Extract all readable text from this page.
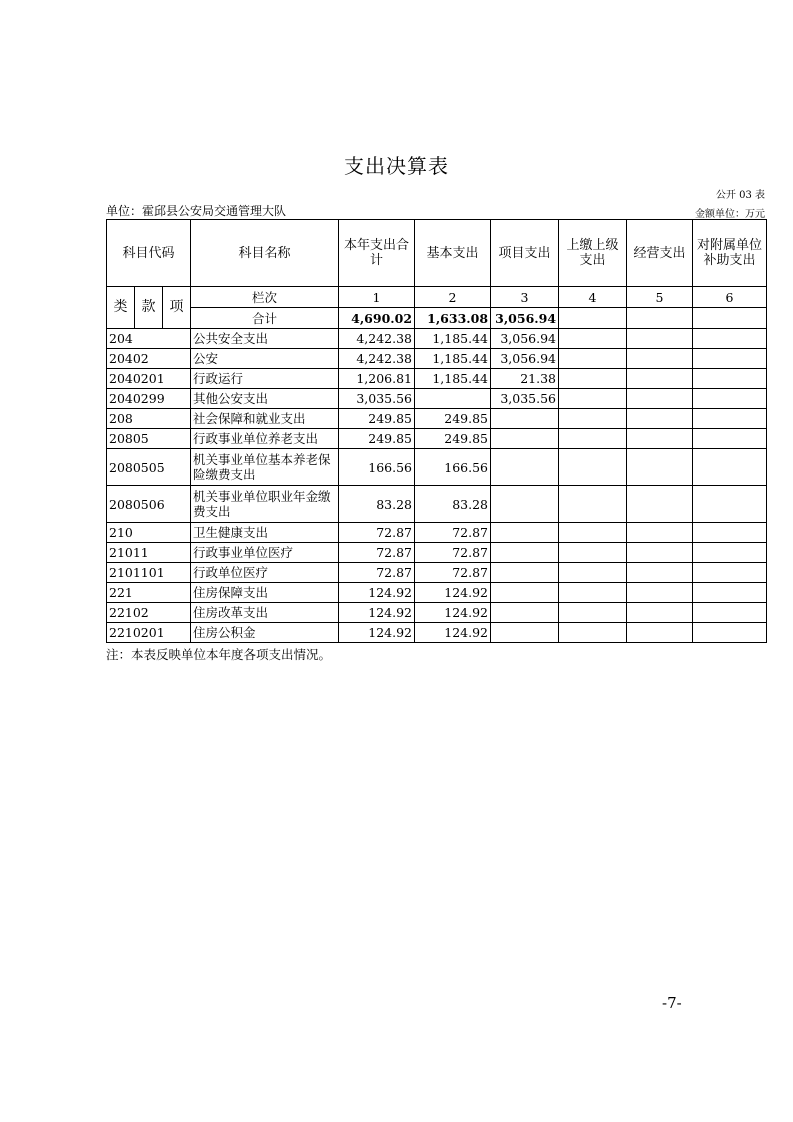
支出决算表
公开 03 表
单位：霍邱县公安局交通管理大队	金额单位：万元
科目代码			科目名称	本年支出合计	基本支出	项目支出	上缴上级支出	经营支出	对附属单位补助支出
类	款	项	栏次	1	2	3	4	5	6
			合计	4,690.02	1,633.08	3,056.94			
204			公共安全支出	4,242.38	1,185.44	3,056.94			
20402			公安	4,242.38	1,185.44	3,056.94			
2040201			行政运行	1,206.81	1,185.44	21.38			
2040299			其他公安支出	3,035.56		3,035.56			
208			社会保障和就业支出	249.85	249.85				
20805			行政事业单位养老支出	249.85	249.85				
2080505			机关事业单位基本养老保险缴费支出	166.56	166.56				
2080506			机关事业单位职业年金缴费支出	83.28	83.28				
210			卫生健康支出	72.87	72.87				
21011			行政事业单位医疗	72.87	72.87				
2101101			行政单位医疗	72.87	72.87				
221			住房保障支出	124.92	124.92				
22102			住房改革支出	124.92	124.92				
2210201			住房公积金	124.92	124.92				
注：本表反映单位本年度各项支出情况。
-7-
